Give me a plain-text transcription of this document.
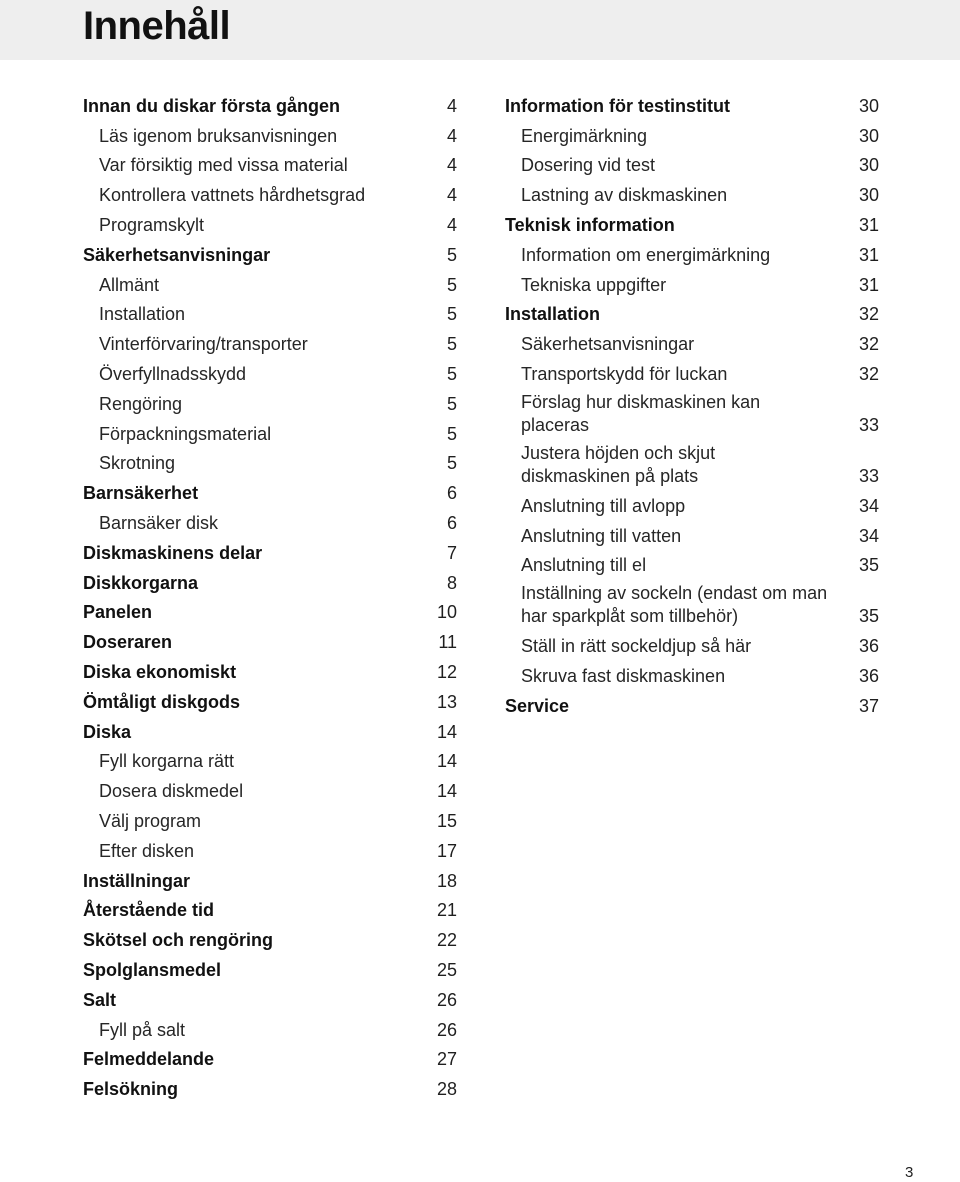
Innehåll
Innan du diskar första gången	4
Läs igenom bruksanvisningen	4
Var försiktig med vissa material	4
Kontrollera vattnets hårdhetsgrad	4
Programskylt	4
Säkerhetsanvisningar	5
Allmänt	5
Installation	5
Vinterförvaring/transporter	5
Överfyllnadsskydd	5
Rengöring	5
Förpackningsmaterial	5
Skrotning	5
Barnsäkerhet	6
Barnsäker disk	6
Diskmaskinens delar	7
Diskkorgarna	8
Panelen	10
Doseraren	11
Diska ekonomiskt	12
Ömtåligt diskgods	13
Diska	14
Fyll korgarna rätt	14
Dosera diskmedel	14
Välj program	15
Efter disken	17
Inställningar	18
Återstående tid	21
Skötsel och rengöring	22
Spolglansmedel	25
Salt	26
Fyll på salt	26
Felmeddelande	27
Felsökning	28
Information för testinstitut	30
Energimärkning	30
Dosering vid test	30
Lastning av diskmaskinen	30
Teknisk information	31
Information om energimärkning	31
Tekniska uppgifter	31
Installation	32
Säkerhetsanvisningar	32
Transportskydd för luckan	32
Förslag hur diskmaskinen kan placeras	33
Justera höjden och skjut diskmaskinen på plats	33
Anslutning till avlopp	34
Anslutning till vatten	34
Anslutning till el	35
Inställning av sockeln (endast om man har sparkplåt som tillbehör)	35
Ställ in rätt sockeldjup så här	36
Skruva fast diskmaskinen	36
Service	37
3
